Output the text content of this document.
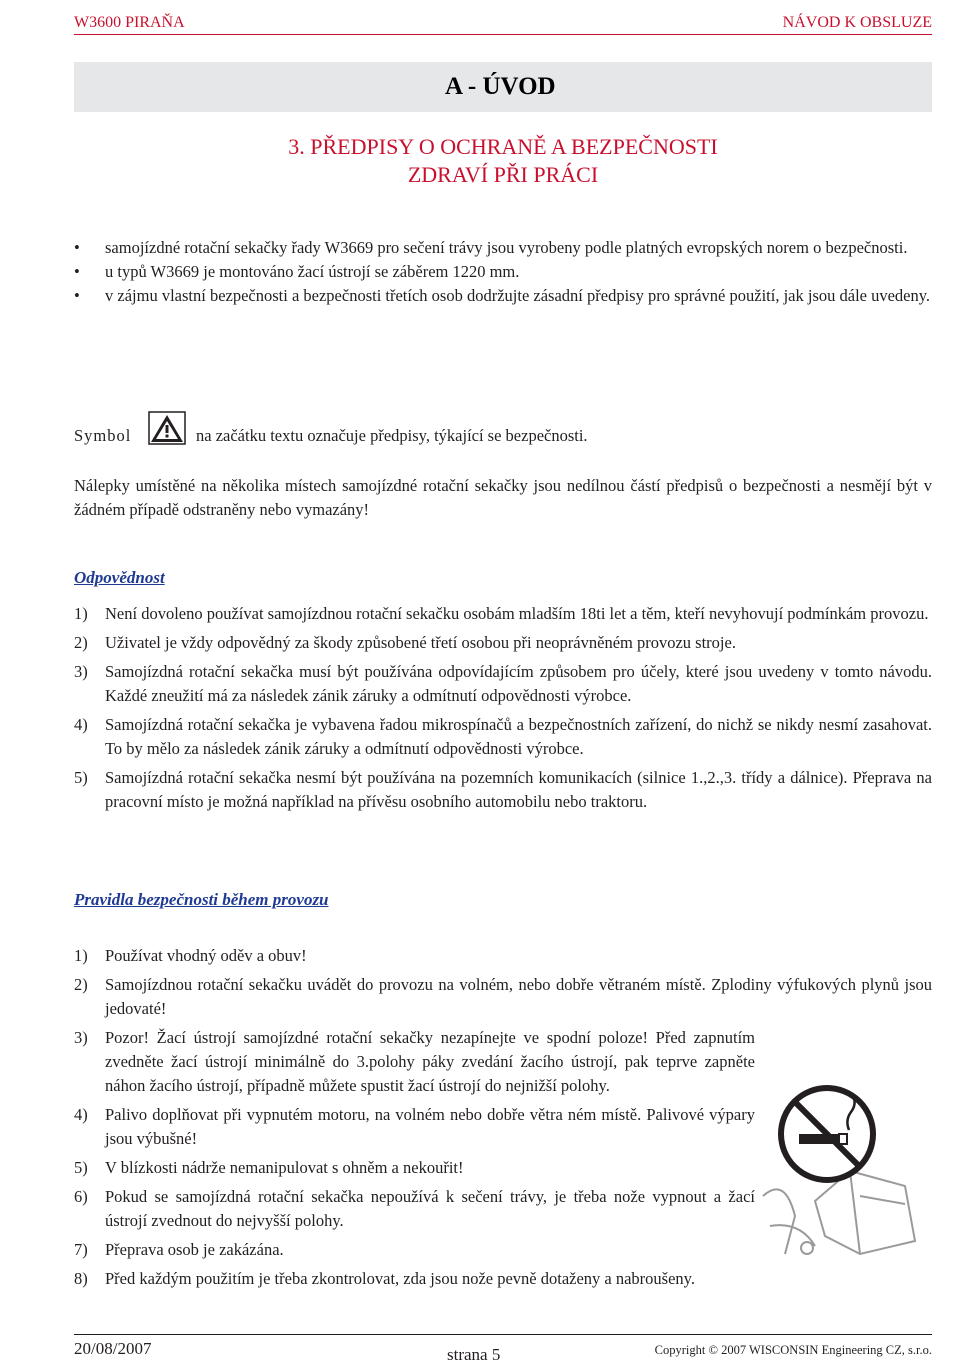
W3600 PIRAŇA	NÁVOD K OBSLUZE
A - ÚVOD
3. PŘEDPISY O OCHRANĚ A BEZPEČNOSTI
ZDRAVÍ PŘI PRÁCI
• samojízdné rotační sekačky řady W3669 pro sečení trávy jsou vyrobeny podle platných evropských norem o bezpečnosti.
• u typů W3669 je montováno žací ústrojí se záběrem 1220 mm.
• v zájmu vlastní bezpečnosti a bezpečnosti třetích osob dodržujte zásadní předpisy pro správné použití, jak jsou dále uvedeny.
Symbol	na začátku textu označuje předpisy, týkající se bezpečnosti.
Nálepky umístěné na několika místech samojízdné rotační sekačky jsou nedílnou částí předpisů o bezpečnosti a nesmějí být v žádném případě odstraněny nebo vymazány!
Odpovědnost
1) Není dovoleno používat samojízdnou rotační sekačku osobám mladším 18ti let a těm, kteří nevyhovují podmínkám provozu.
2) Uživatel je vždy odpovědný za škody způsobené třetí osobou při neoprávněném provozu stroje.
3) Samojízdná rotační sekačka musí být používána odpovídajícím způsobem pro účely, které jsou uvedeny v tomto návodu. Každé zneužití má za následek zánik záruky a odmítnutí odpovědnosti výrobce.
4) Samojízdná rotační sekačka je vybavena řadou mikrospínačů a bezpečnostních zařízení, do nichž se nikdy nesmí zasahovat. To by mělo za následek zánik záruky a odmítnutí odpovědnosti výrobce.
5) Samojízdná rotační sekačka nesmí být používána na pozemních komunikacích (silnice 1.,2.,3. třídy a dálnice). Přeprava na pracovní místo je možná například na přívěsu osobního automobilu nebo traktoru.
Pravidla bezpečnosti během provozu
1) Používat vhodný oděv a obuv!
2) Samojízdnou rotační sekačku uvádět do provozu na volném, nebo dobře větraném místě. Zplodiny výfukových plynů jsou jedovaté!
3) Pozor! Žací ústrojí samojízdné rotační sekačky nezapínejte ve spodní poloze! Před zapnutím zvedněte žací ústrojí minimálně do 3.polohy páky zvedání žacího ústrojí, pak teprve zapněte náhon žacího ústrojí, případně můžete spustit žací ústrojí do nejnižší polohy.
4) Palivo doplňovat při vypnutém motoru, na volném nebo dobře větra ném místě. Palivové výpary jsou výbušné!
5) V blízkosti nádrže nemanipulovat s ohněm a nekouřit!
6) Pokud se samojízdná rotační sekačka nepoužívá k sečení trávy, je třeba nože vypnout a žací ústrojí zvednout do nejvyšší polohy.
7) Přeprava osob je zakázána.
8) Před každým použitím je třeba zkontrolovat, zda jsou nože pevně dotaženy a nabroušeny.
20/08/2007	strana 5	Copyright © 2007 WISCONSIN Engineering CZ, s.r.o.
